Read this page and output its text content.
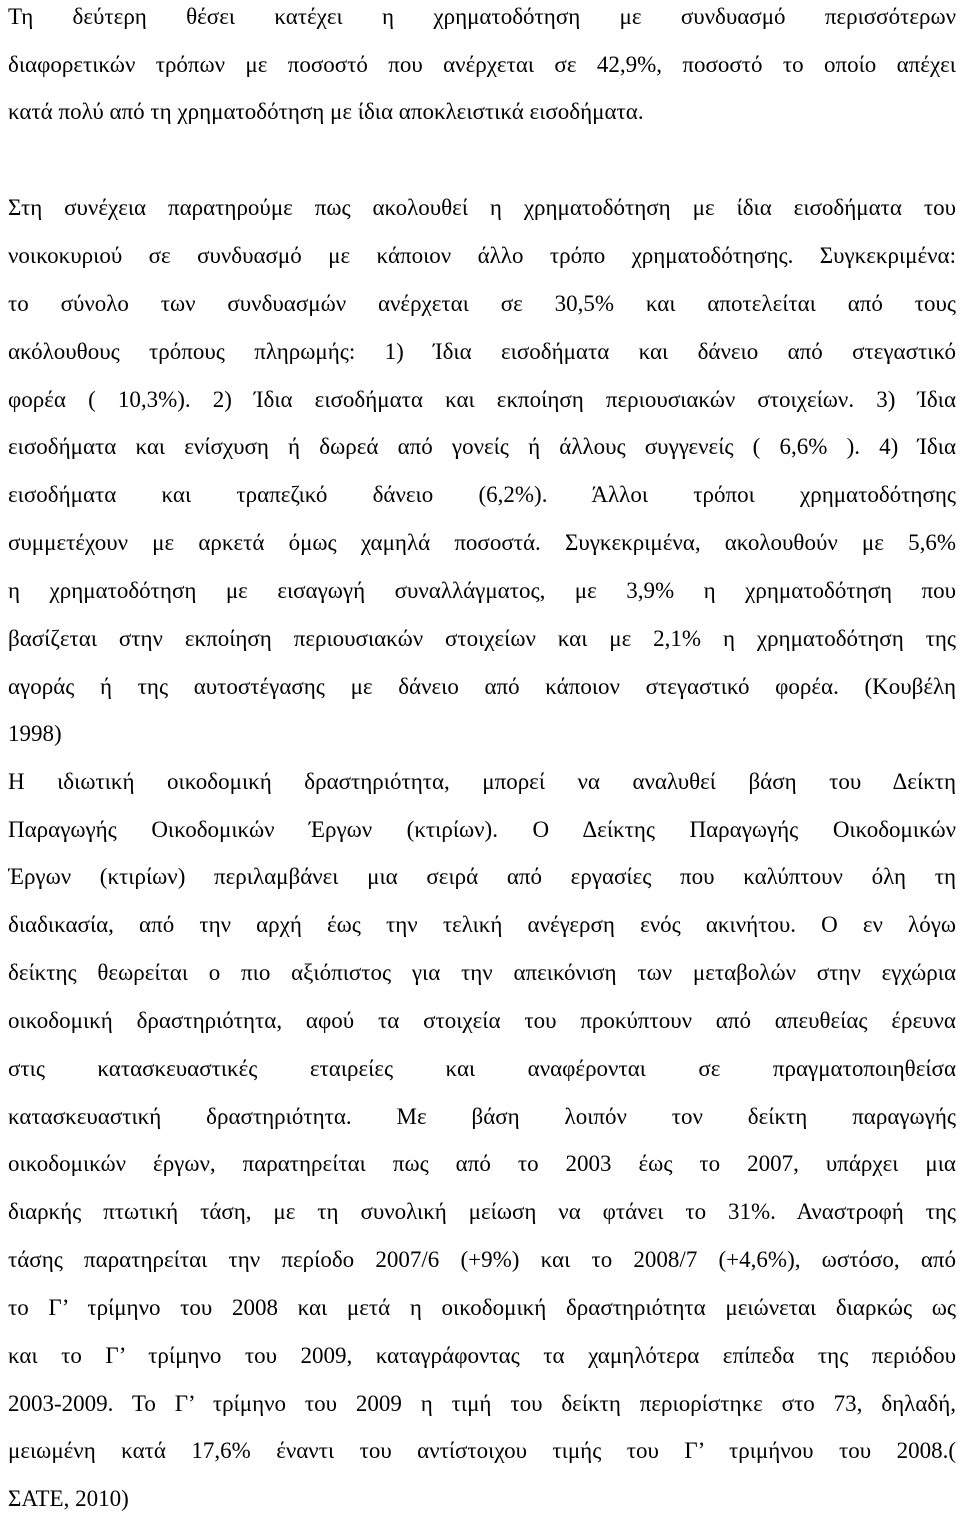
Τη δεύτερη θέσει κατέχει η χρηματοδότηση με συνδυασμό περισσότερων
διαφορετικών τρόπων με ποσοστό που ανέρχεται σε 42,9%, ποσοστό το οποίο απέχει
κατά πολύ από τη χρηματοδότηση με ίδια αποκλειστικά εισοδήματα.
Στη συνέχεια παρατηρούμε πως ακολουθεί η χρηματοδότηση με ίδια εισοδήματα του
νοικοκυριού σε συνδυασμό με κάποιον άλλο τρόπο χρηματοδότησης. Συγκεκριμένα:
το σύνολο των συνδυασμών ανέρχεται σε 30,5% και αποτελείται από τους
ακόλουθους τρόπους πληρωμής: 1) Ίδια εισοδήματα και δάνειο από στεγαστικό
φορέα ( 10,3%). 2) Ίδια εισοδήματα και εκποίηση περιουσιακών στοιχείων. 3) Ίδια
εισοδήματα και ενίσχυση ή δωρεά από γονείς ή άλλους συγγενείς ( 6,6% ). 4) Ίδια
εισοδήματα και τραπεζικό δάνειο (6,2%). Άλλοι τρόποι χρηματοδότησης
συμμετέχουν με αρκετά όμως χαμηλά ποσοστά. Συγκεκριμένα, ακολουθούν με 5,6%
η χρηματοδότηση με εισαγωγή συναλλάγματος, με 3,9% η χρηματοδότηση που
βασίζεται στην εκποίηση περιουσιακών στοιχείων και με 2,1% η χρηματοδότηση της
αγοράς ή της αυτοστέγασης με δάνειο από κάποιον στεγαστικό φορέα. (Κουβέλη
1998)
Η ιδιωτική οικοδομική δραστηριότητα, μπορεί να αναλυθεί βάση του Δείκτη
Παραγωγής Οικοδομικών Έργων (κτιρίων). Ο Δείκτης Παραγωγής Οικοδομικών
Έργων (κτιρίων) περιλαμβάνει μια σειρά από εργασίες που καλύπτουν όλη τη
διαδικασία, από την αρχή έως την τελική ανέγερση ενός ακινήτου. Ο εν λόγω
δείκτης θεωρείται ο πιο αξιόπιστος για την απεικόνιση των μεταβολών στην εγχώρια
οικοδομική δραστηριότητα, αφού τα στοιχεία του προκύπτουν από απευθείας έρευνα
στις κατασκευαστικές εταιρείες και αναφέρονται σε πραγματοποιηθείσα
κατασκευαστική δραστηριότητα. Με βάση λοιπόν τον δείκτη παραγωγής
οικοδομικών έργων, παρατηρείται πως από το 2003 έως το 2007, υπάρχει μια
διαρκής πτωτική τάση, με τη συνολική μείωση να φτάνει το 31%. Αναστροφή της
τάσης παρατηρείται την περίοδο 2007/6 (+9%) και το 2008/7 (+4,6%), ωστόσο, από
το Γ’ τρίμηνο του 2008 και μετά η οικοδομική δραστηριότητα μειώνεται διαρκώς ως
και το Γ’ τρίμηνο του 2009, καταγράφοντας τα χαμηλότερα επίπεδα της περιόδου
2003-2009. Το Γ’ τρίμηνο του 2009 η τιμή του δείκτη περιορίστηκε στο 73, δηλαδή,
μειωμένη κατά 17,6% έναντι του αντίστοιχου τιμής του Γ’ τριμήνου του 2008.(
ΣΑΤΕ, 2010)
